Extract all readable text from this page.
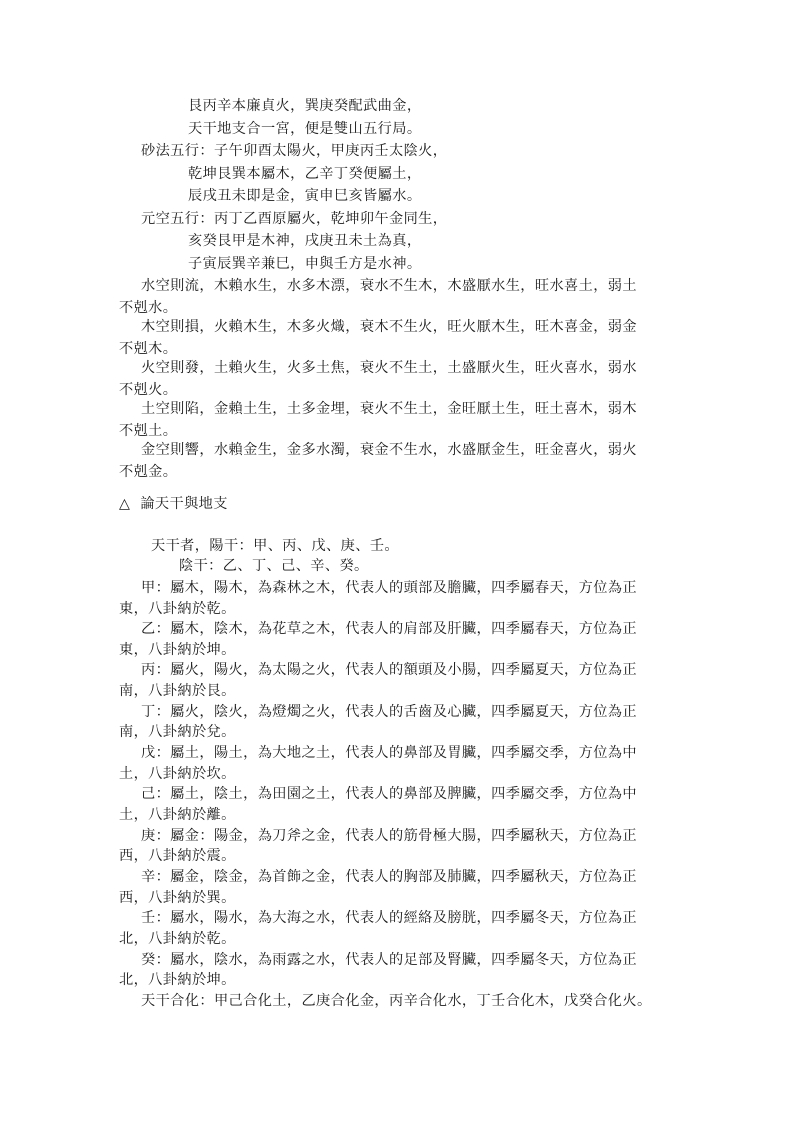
艮丙辛本廉貞火，巽庚癸配武曲金，
天干地支合一宮，便是雙山五行局。
砂法五行：子午卯酉太陽火，甲庚丙壬太陰火，
乾坤艮巽本屬木，乙辛丁癸便屬土，
辰戌丑未即是金，寅申巳亥皆屬水。
元空五行：丙丁乙酉原屬火，乾坤卯午金同生，
亥癸艮甲是木神，戌庚丑未土為真，
子寅辰巽辛兼巳，申與壬方是水神。
水空則流，木賴水生，水多木漂，衰水不生木，木盛厭水生，旺水喜土，弱土
不剋水。
木空則損，火賴木生，木多火熾，衰木不生火，旺火厭木生，旺木喜金，弱金
不剋木。
火空則發，土賴火生，火多土焦，衰火不生土，土盛厭火生，旺火喜水，弱水
不剋火。
土空則陷，金賴土生，土多金埋，衰火不生土，金旺厭土生，旺土喜木，弱木
不剋土。
金空則響，水賴金生，金多水濁，衰金不生水，水盛厭金生，旺金喜火，弱火
不剋金。
△ 論天干與地支
天干者，陽干：甲、丙、戊、庚、壬。
陰干：乙、丁、己、辛、癸。
甲：屬木，陽木，為森林之木，代表人的頭部及膽臟，四季屬春天，方位為正
東，八卦納於乾。
乙：屬木，陰木，為花草之木，代表人的肩部及肝臟，四季屬春天，方位為正
東，八卦納於坤。
丙：屬火，陽火，為太陽之火，代表人的額頭及小腸，四季屬夏天，方位為正
南，八卦納於艮。
丁：屬火，陰火，為燈燭之火，代表人的舌齒及心臟，四季屬夏天，方位為正
南，八卦納於兌。
戊：屬土，陽土，為大地之土，代表人的鼻部及胃臟，四季屬交季，方位為中
土，八卦納於坎。
己：屬土，陰土，為田園之土，代表人的鼻部及脾臟，四季屬交季，方位為中
土，八卦納於離。
庚：屬金：陽金，為刀斧之金，代表人的筋骨極大腸，四季屬秋天，方位為正
西，八卦納於震。
辛：屬金，陰金，為首飾之金，代表人的胸部及肺臟，四季屬秋天，方位為正
西，八卦納於巽。
壬：屬水，陽水，為大海之水，代表人的經絡及膀胱，四季屬冬天，方位為正
北，八卦納於乾。
癸：屬水，陰水，為雨露之水，代表人的足部及腎臟，四季屬冬天，方位為正
北，八卦納於坤。
天干合化：甲己合化土，乙庚合化金，丙辛合化水，丁壬合化木，戊癸合化火。
